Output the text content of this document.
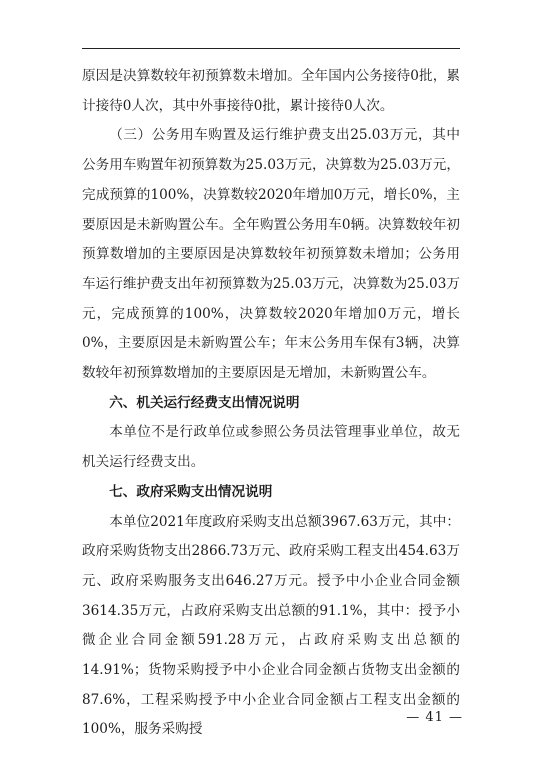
原因是决算数较年初预算数未增加。全年国内公务接待0批，累计接待0人次，其中外事接待0批，累计接待0人次。

（三）公务用车购置及运行维护费支出25.03万元，其中公务用车购置年初预算数为25.03万元，决算数为25.03万元，完成预算的100%，决算数较2020年增加0万元，增长0%，主要原因是未新购置公车。全年购置公务用车0辆。决算数较年初预算数增加的主要原因是决算数较年初预算数未增加；公务用车运行维护费支出年初预算数为25.03万元，决算数为25.03万元，完成预算的100%，决算数较2020年增加0万元，增长0%，主要原因是未新购置公车；年末公务用车保有3辆，决算数较年初预算数增加的主要原因是无增加，未新购置公车。

六、机关运行经费支出情况说明

本单位不是行政单位或参照公务员法管理事业单位，故无机关运行经费支出。

七、政府采购支出情况说明

本单位2021年度政府采购支出总额3967.63万元，其中：政府采购货物支出2866.73万元、政府采购工程支出454.63万元、政府采购服务支出646.27万元。授予中小企业合同金额3614.35万元，占政府采购支出总额的91.1%，其中：授予小微企业合同金额591.28万元，占政府采购支出总额的14.91%；货物采购授予中小企业合同金额占货物支出金额的87.6%，工程采购授予中小企业合同金额占工程支出金额的100%，服务采购授

— 41 —
